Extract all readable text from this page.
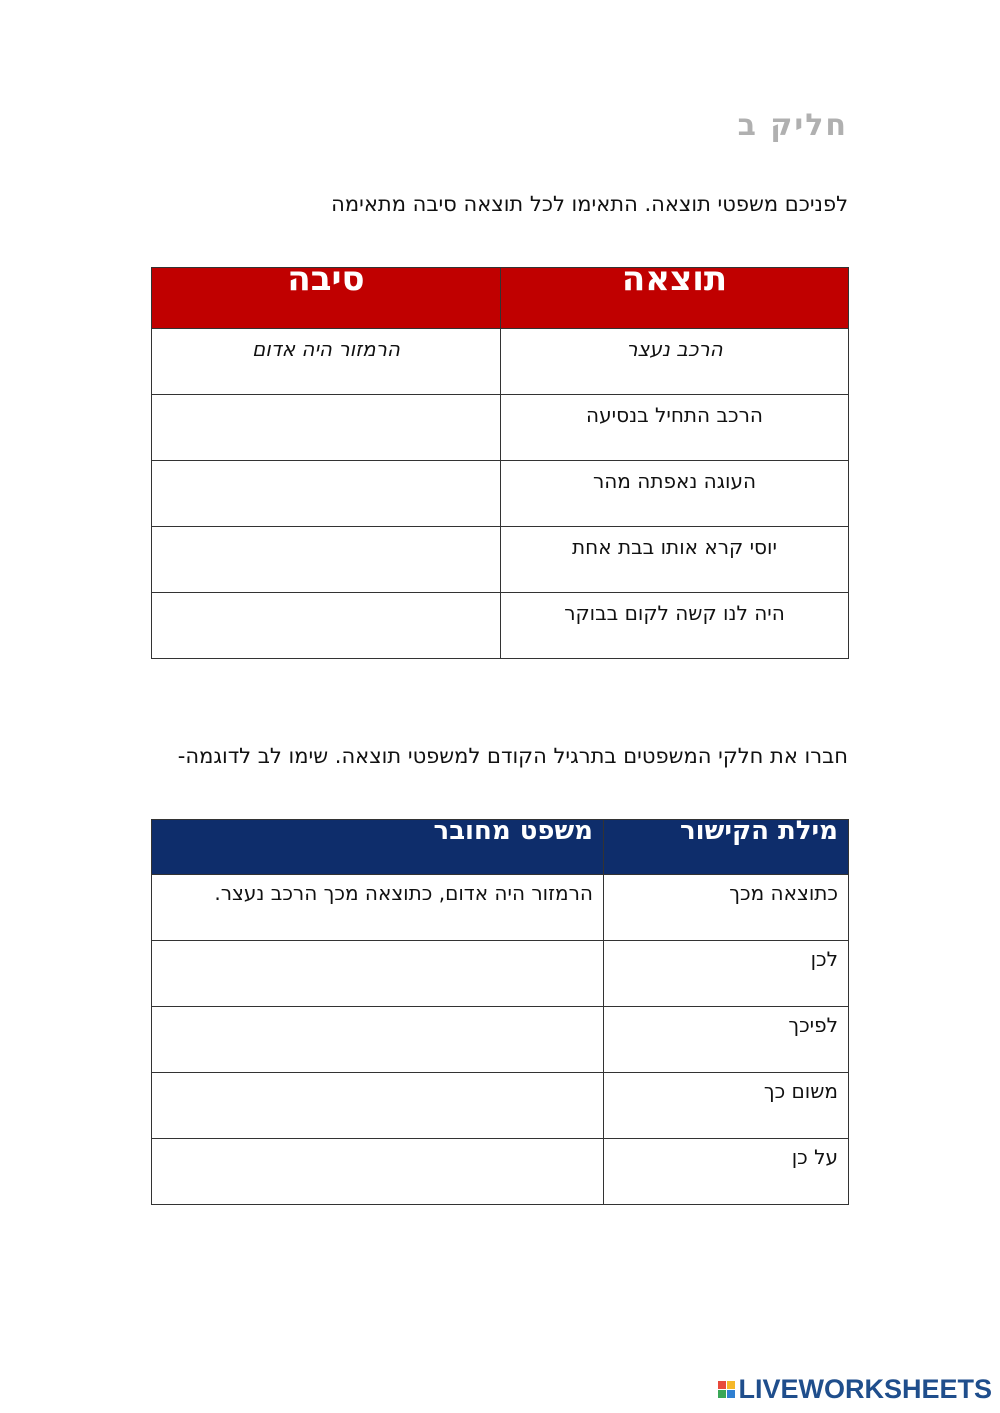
חליק ב
לפניכם משפטי תוצאה. התאימו לכל תוצאה סיבה מתאימה
תוצאה	סיבה

הרכב נעצר	הרמזור היה אדום

הרכב התחיל בנסיעה	

העוגה נאפתה מהר	

יוסי קרא אותו בבת אחת	

היה לנו קשה לקום בבוקר	

חברו את חלקי המשפטים בתרגיל הקודם למשפטי תוצאה. שימו לב לדוגמה-
מילת הקישור	משפט מחובר

כתוצאה מכך	הרמזור היה אדום, כתוצאה מכך הרכב נעצר.

לכן	

לפיכך	

משום כך	

על כן	

LIVEWORKSHEETS
